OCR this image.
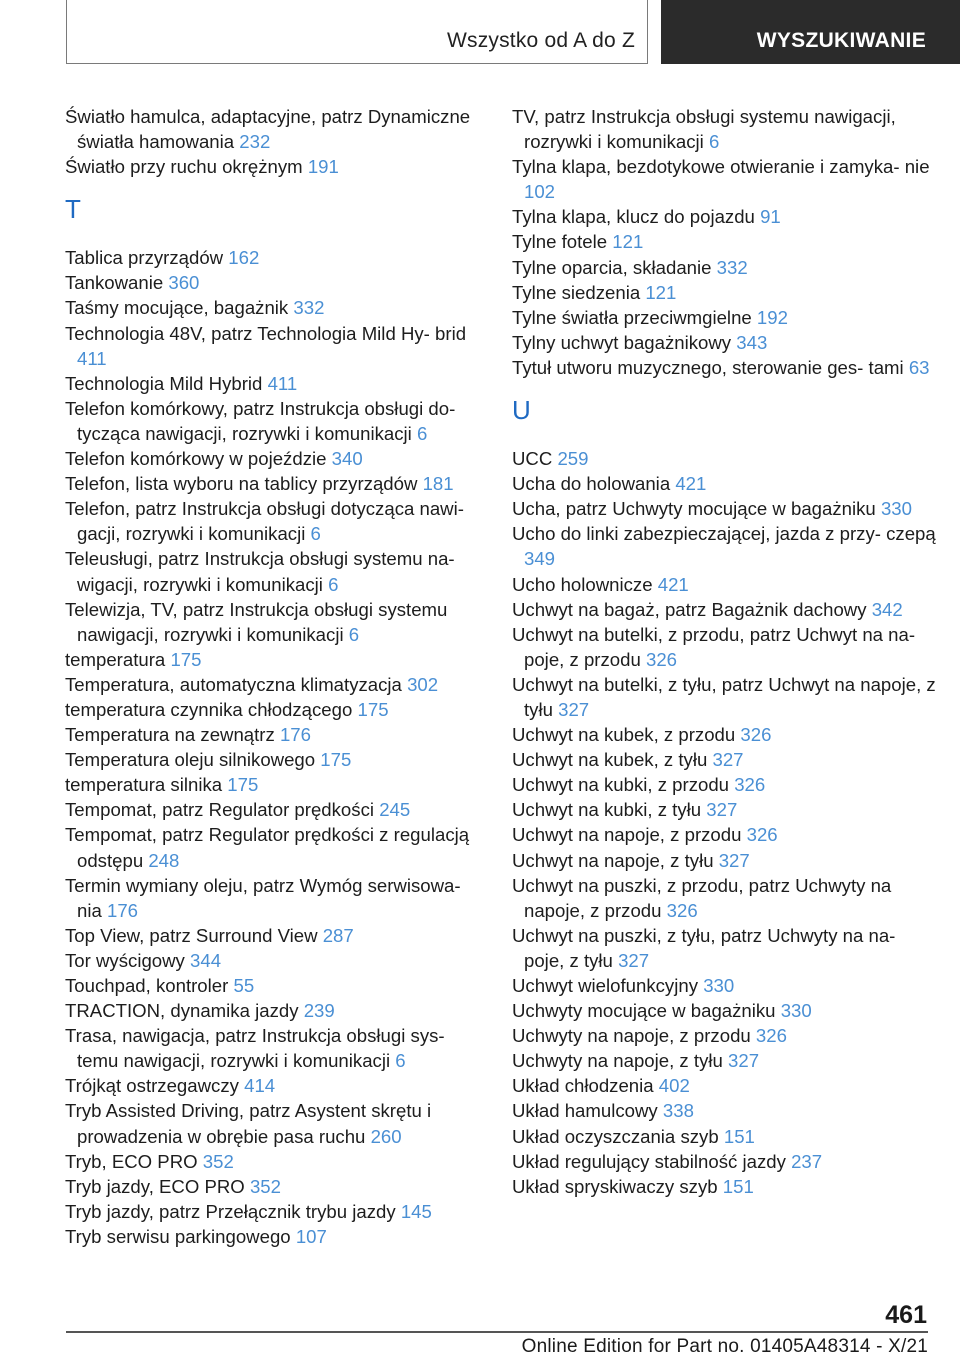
Wszystko od A do Z	WYSZUKIWANIE
Światło hamulca, adaptacyjne, patrz Dynamiczne światła hamowania 232
Światło przy ruchu okrężnym 191
T
Tablica przyrządów 162
Tankowanie 360
Taśmy mocujące, bagażnik 332
Technologia 48V, patrz Technologia Mild Hy‐ brid 411
Technologia Mild Hybrid 411
Telefon komórkowy, patrz Instrukcja obsługi do‐ tycząca nawigacji, rozrywki i komunikacji 6
Telefon komórkowy w pojeździe 340
Telefon, lista wyboru na tablicy przyrządów 181
Telefon, patrz Instrukcja obsługi dotycząca nawi‐ gacji, rozrywki i komunikacji 6
Teleusługi, patrz Instrukcja obsługi systemu na‐ wigacji, rozrywki i komunikacji 6
Telewizja, TV, patrz Instrukcja obsługi systemu nawigacji, rozrywki i komunikacji 6
temperatura 175
Temperatura, automatyczna klimatyzacja 302
temperatura czynnika chłodzącego 175
Temperatura na zewnątrz 176
Temperatura oleju silnikowego 175
temperatura silnika 175
Tempomat, patrz Regulator prędkości 245
Tempomat, patrz Regulator prędkości z regulacją odstępu 248
Termin wymiany oleju, patrz Wymóg serwisowa‐ nia 176
Top View, patrz Surround View 287
Tor wyścigowy 344
Touchpad, kontroler 55
TRACTION, dynamika jazdy 239
Trasa, nawigacja, patrz Instrukcja obsługi sys‐ temu nawigacji, rozrywki i komunikacji 6
Trójkąt ostrzegawczy 414
Tryb Assisted Driving, patrz Asystent skrętu i prowadzenia w obrębie pasa ruchu 260
Tryb, ECO PRO 352
Tryb jazdy, ECO PRO 352
Tryb jazdy, patrz Przełącznik trybu jazdy 145
Tryb serwisu parkingowego 107
TV, patrz Instrukcja obsługi systemu nawigacji, rozrywki i komunikacji 6
Tylna klapa, bezdotykowe otwieranie i zamyka‐ nie 102
Tylna klapa, klucz do pojazdu 91
Tylne fotele 121
Tylne oparcia, składanie 332
Tylne siedzenia 121
Tylne światła przeciwmgielne 192
Tylny uchwyt bagażnikowy 343
Tytuł utworu muzycznego, sterowanie ges‐ tami 63
U
UCC 259
Ucha do holowania 421
Ucha, patrz Uchwyty mocujące w bagażniku 330
Ucho do linki zabezpieczającej, jazda z przy‐ czepą 349
Ucho holownicze 421
Uchwyt na bagaż, patrz Bagażnik dachowy 342
Uchwyt na butelki, z przodu, patrz Uchwyt na na‐ poje, z przodu 326
Uchwyt na butelki, z tyłu, patrz Uchwyt na napoje, z tyłu 327
Uchwyt na kubek, z przodu 326
Uchwyt na kubek, z tyłu 327
Uchwyt na kubki, z przodu 326
Uchwyt na kubki, z tyłu 327
Uchwyt na napoje, z przodu 326
Uchwyt na napoje, z tyłu 327
Uchwyt na puszki, z przodu, patrz Uchwyty na napoje, z przodu 326
Uchwyt na puszki, z tyłu, patrz Uchwyty na na‐ poje, z tyłu 327
Uchwyt wielofunkcyjny 330
Uchwyty mocujące w bagażniku 330
Uchwyty na napoje, z przodu 326
Uchwyty na napoje, z tyłu 327
Układ chłodzenia 402
Układ hamulcowy 338
Układ oczyszczania szyb 151
Układ regulujący stabilność jazdy 237
Układ spryskiwaczy szyb 151
461
Online Edition for Part no. 01405A48314 - X/21
